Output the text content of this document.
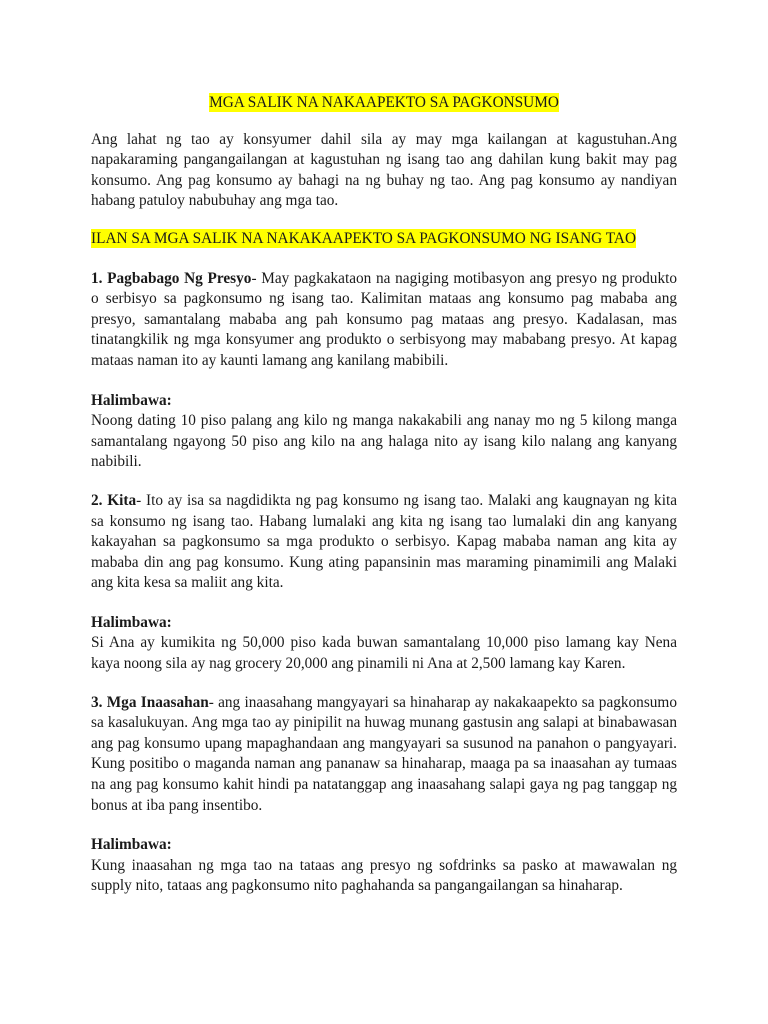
MGA SALIK NA NAKAAPEKTO SA PAGKONSUMO

Ang lahat ng tao ay konsyumer dahil sila ay may mga kailangan at kagustuhan.Ang napakaraming pangangailangan at kagustuhan ng isang tao ang dahilan kung bakit may pag konsumo. Ang pag konsumo ay bahagi na ng buhay ng tao. Ang pag konsumo ay nandiyan habang patuloy nabubuhay ang mga tao.

ILAN SA MGA SALIK NA NAKAKAAPEKTO SA PAGKONSUMO NG ISANG TAO

1. Pagbabago Ng Presyo- May pagkakataon na nagiging motibasyon ang presyo ng produkto o serbisyo sa pagkonsumo ng isang tao. Kalimitan mataas ang konsumo pag mababa ang presyo, samantalang mababa ang pah konsumo pag mataas ang presyo. Kadalasan, mas tinatangkilik ng mga konsyumer ang produkto o serbisyong may mababang presyo. At kapag mataas naman ito ay kaunti lamang ang kanilang mabibili.

Halimbawa:

Noong dating 10 piso palang ang kilo ng manga nakakabili ang nanay mo ng 5 kilong manga samantalang ngayong 50 piso ang kilo na ang halaga nito ay isang kilo nalang ang kanyang nabibili.

2. Kita- Ito ay isa sa nagdidikta ng pag konsumo ng isang tao. Malaki ang kaugnayan ng kita sa konsumo ng isang tao. Habang lumalaki ang kita ng isang tao lumalaki din ang kanyang kakayahan sa pagkonsumo sa mga produkto o serbisyo. Kapag mababa naman ang kita ay mababa din ang pag konsumo. Kung ating papansinin mas maraming pinamimili ang Malaki ang kita kesa sa maliit ang kita.

Halimbawa:

Si Ana ay kumikita ng 50,000 piso kada buwan samantalang 10,000 piso lamang kay Nena kaya noong sila ay nag grocery 20,000 ang pinamili ni Ana at 2,500 lamang kay Karen.

3. Mga Inaasahan- ang inaasahang mangyayari sa hinaharap ay nakakaapekto sa pagkonsumo sa kasalukuyan. Ang mga tao ay pinipilit na huwag munang gastusin ang salapi at binabawasan ang pag konsumo upang mapaghandaan ang mangyayari sa susunod na panahon o pangyayari. Kung positibo o maganda naman ang pananaw sa hinaharap, maaga pa sa inaasahan ay tumaas na ang pag konsumo kahit hindi pa natatanggap ang inaasahang salapi gaya ng pag tanggap ng bonus at iba pang insentibo.

Halimbawa:

Kung inaasahan ng mga tao na tataas ang presyo ng sofdrinks sa pasko at mawawalan ng supply nito, tataas ang pagkonsumo nito paghahanda sa pangangailangan sa hinaharap.
